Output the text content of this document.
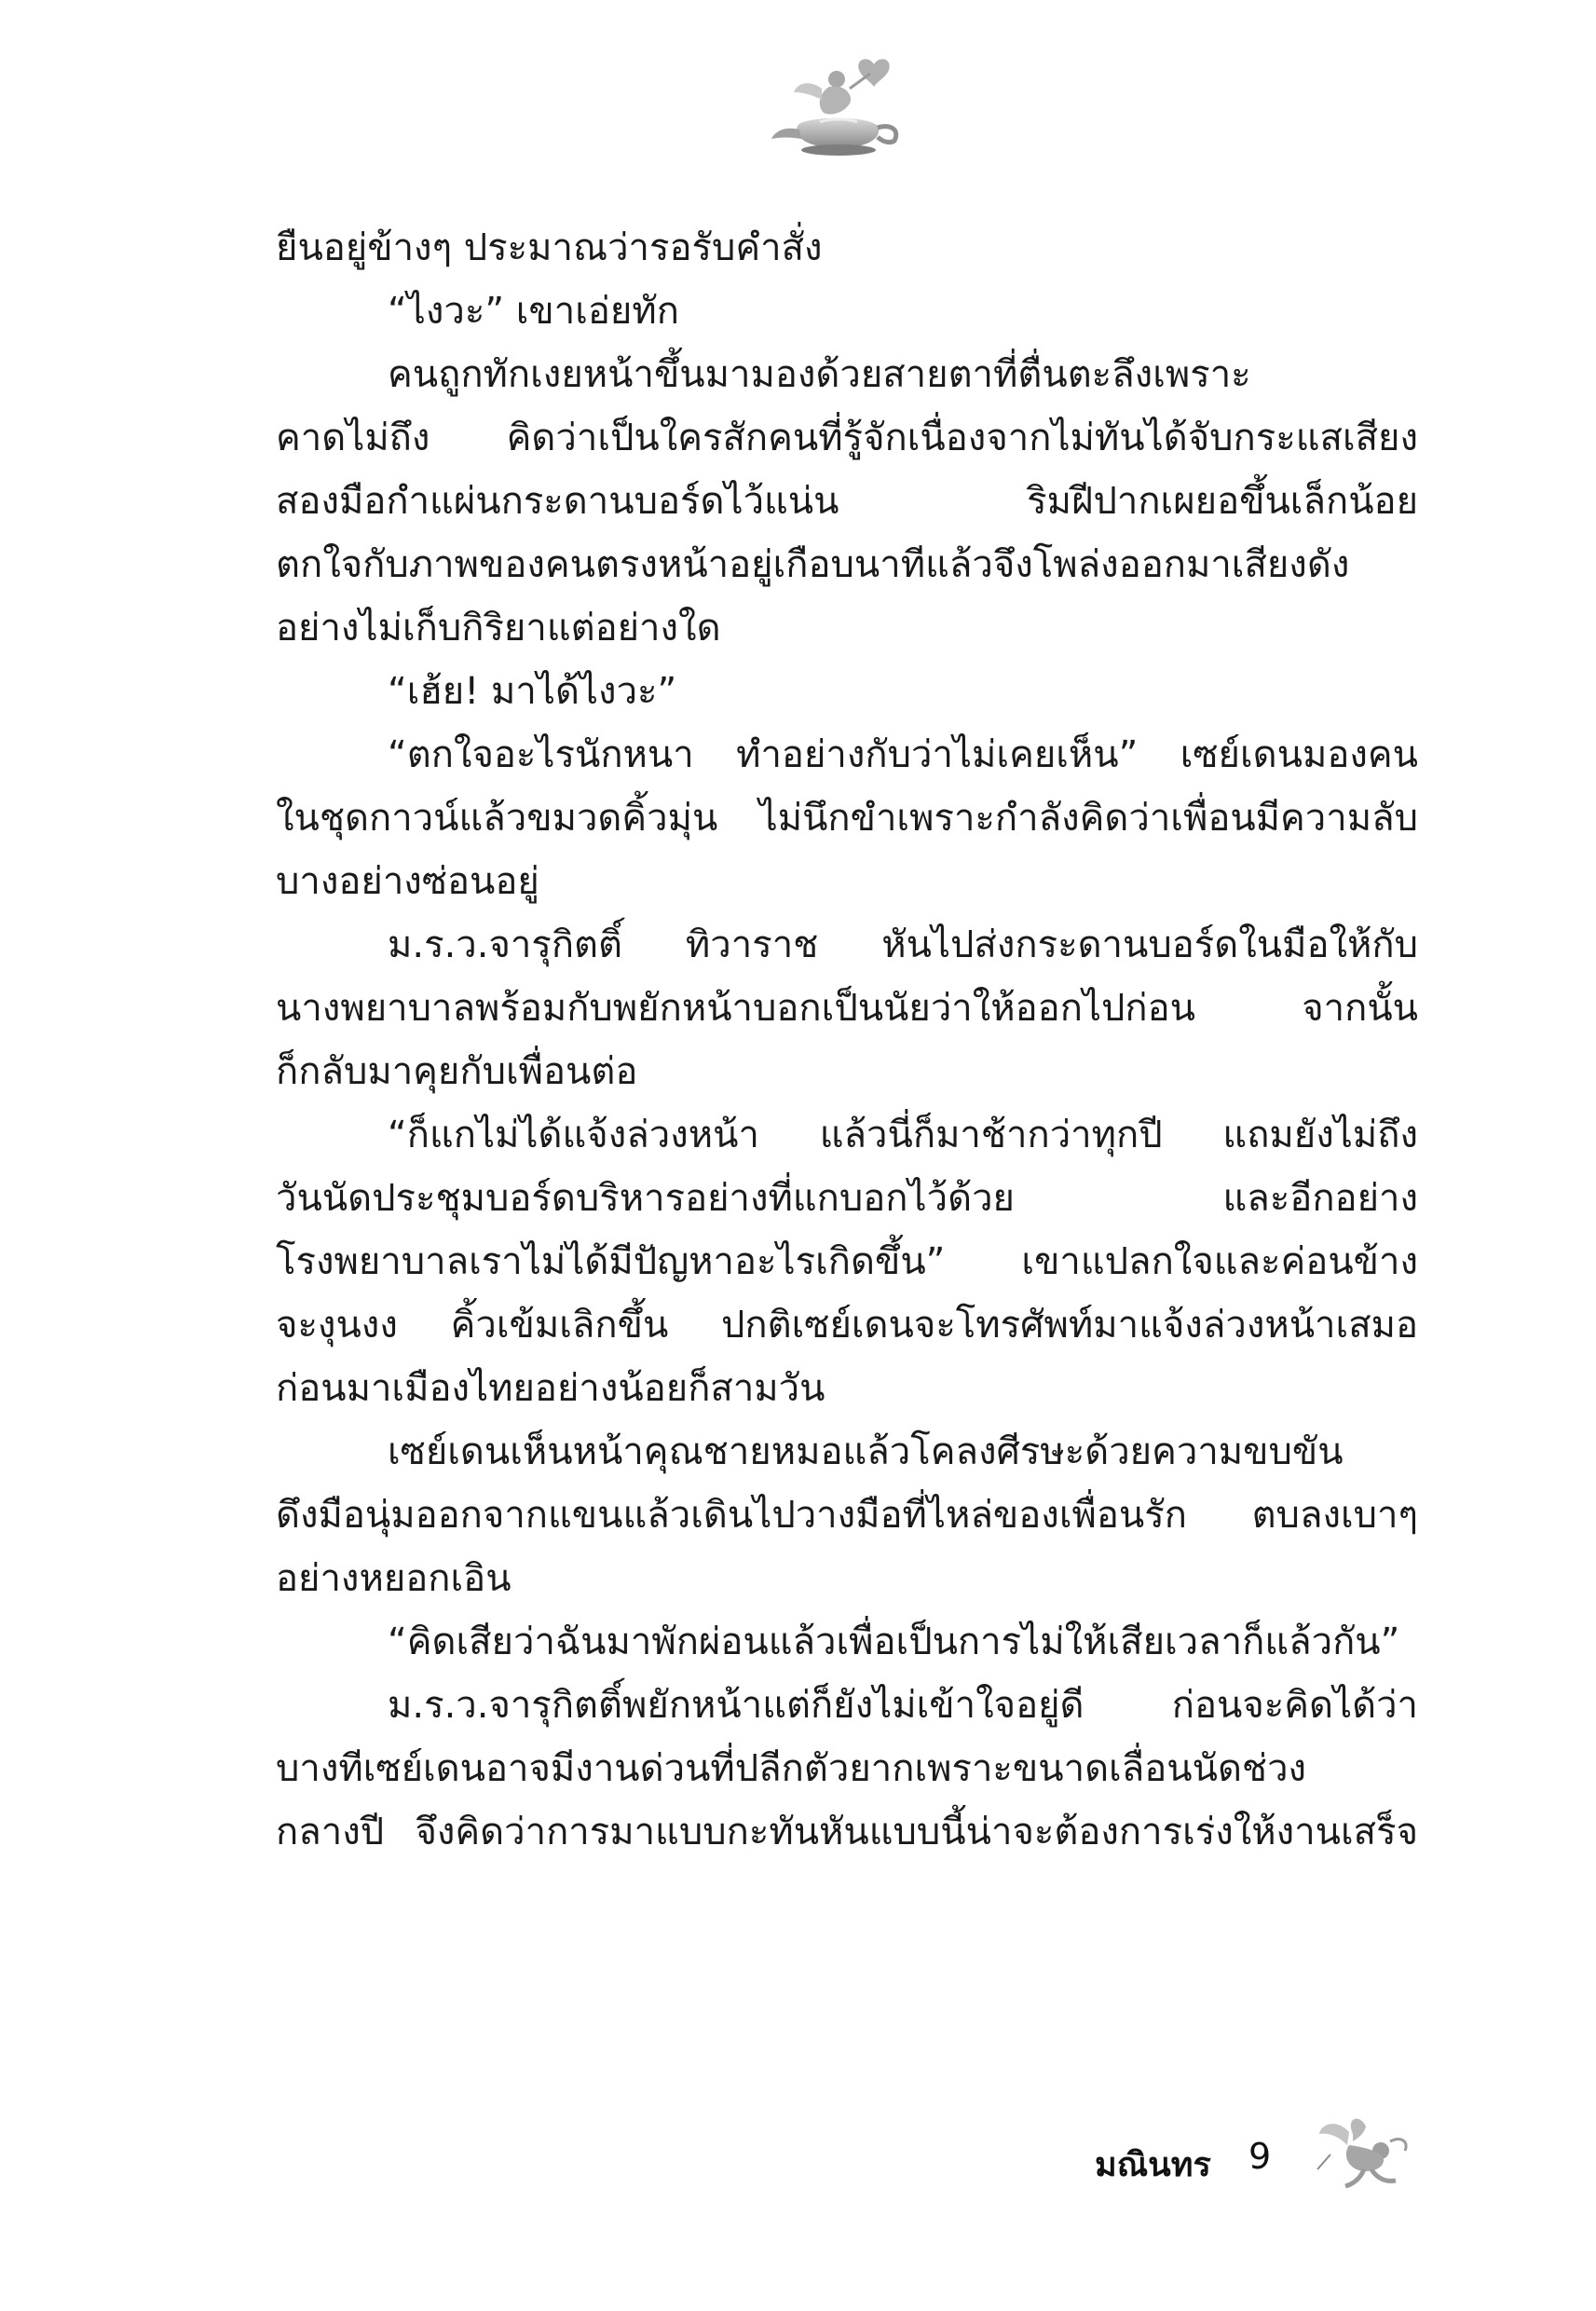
ยืนอยู่ข้างๆ ประมาณว่ารอรับคำสั่ง
“ไงวะ” เขาเอ่ยทัก
คนถูกทักเงยหน้าขึ้นมามองด้วยสายตาที่ตื่นตะลึงเพราะ
คาดไม่ถึง คิดว่าเป็นใครสักคนที่รู้จักเนื่องจากไม่ทันได้จับกระแสเสียง
สองมือกำแผ่นกระดานบอร์ดไว้แน่น ริมฝีปากเผยอขึ้นเล็กน้อย
ตกใจกับภาพของคนตรงหน้าอยู่เกือบนาทีแล้วจึงโพล่งออกมาเสียงดัง
อย่างไม่เก็บกิริยาแต่อย่างใด
“เฮ้ย! มาได้ไงวะ”
“ตกใจอะไรนักหนา ทำอย่างกับว่าไม่เคยเห็น” เซย์เดนมองคน
ในชุดกาวน์แล้วขมวดคิ้วมุ่น ไม่นึกขำเพราะกำลังคิดว่าเพื่อนมีความลับ
บางอย่างซ่อนอยู่
ม.ร.ว.จารุกิตติ์ ทิวาราช หันไปส่งกระดานบอร์ดในมือให้กับ
นางพยาบาลพร้อมกับพยักหน้าบอกเป็นนัยว่าให้ออกไปก่อน จากนั้น
ก็กลับมาคุยกับเพื่อนต่อ
“ก็แกไม่ได้แจ้งล่วงหน้า แล้วนี่ก็มาช้ากว่าทุกปี แถมยังไม่ถึง
วันนัดประชุมบอร์ดบริหารอย่างที่แกบอกไว้ด้วย และอีกอย่าง
โรงพยาบาลเราไม่ได้มีปัญหาอะไรเกิดขึ้น” เขาแปลกใจและค่อนข้าง
จะงุนงง คิ้วเข้มเลิกขึ้น ปกติเซย์เดนจะโทรศัพท์มาแจ้งล่วงหน้าเสมอ
ก่อนมาเมืองไทยอย่างน้อยก็สามวัน
เซย์เดนเห็นหน้าคุณชายหมอแล้วโคลงศีรษะด้วยความขบขัน
ดึงมือนุ่มออกจากแขนแล้วเดินไปวางมือที่ไหล่ของเพื่อนรัก ตบลงเบาๆ
อย่างหยอกเอิน
“คิดเสียว่าฉันมาพักผ่อนแล้วเพื่อเป็นการไม่ให้เสียเวลาก็แล้วกัน”
ม.ร.ว.จารุกิตติ์พยักหน้าแต่ก็ยังไม่เข้าใจอยู่ดี ก่อนจะคิดได้ว่า
บางทีเซย์เดนอาจมีงานด่วนที่ปลีกตัวยากเพราะขนาดเลื่อนนัดช่วง
กลางปี จึงคิดว่าการมาแบบกะทันหันแบบนี้น่าจะต้องการเร่งให้งานเสร็จ
มณินทร 9
